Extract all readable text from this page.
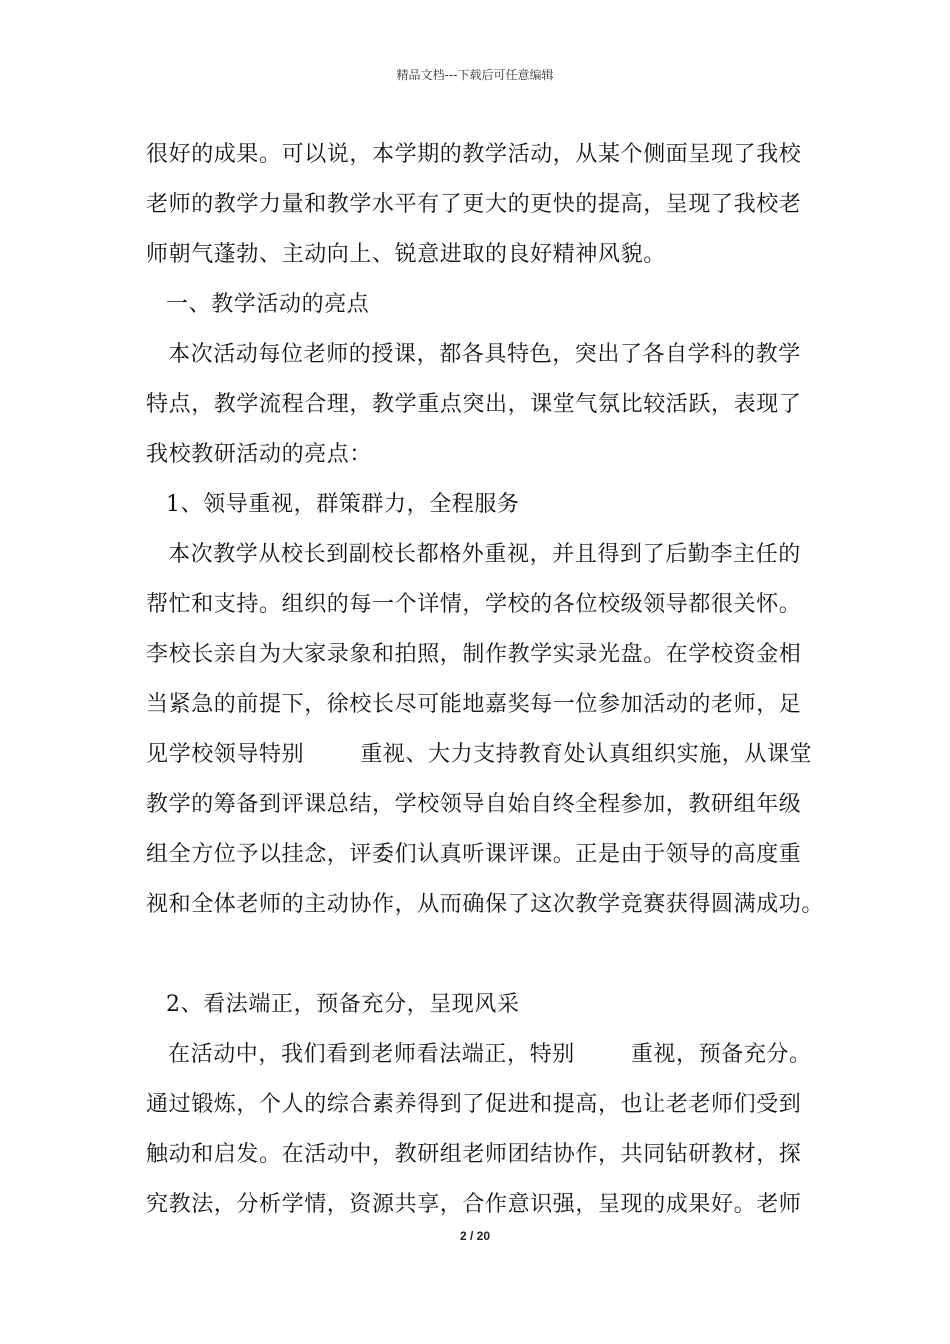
精品文档---下载后可任意编辑
很好的成果。可以说，本学期的教学活动，从某个侧面呈现了我校
老师的教学力量和教学水平有了更大的更快的提高，呈现了我校老
师朝气蓬勃、主动向上、锐意进取的良好精神风貌。
一、教学活动的亮点
本次活动每位老师的授课，都各具特色，突出了各自学科的教学
特点，教学流程合理，教学重点突出，课堂气氛比较活跃，表现了
我校教研活动的亮点：
1、领导重视，群策群力，全程服务
本次教学从校长到副校长都格外重视，并且得到了后勤李主任的
帮忙和支持。组织的每一个详情，学校的各位校级领导都很关怀。
李校长亲自为大家录象和拍照，制作教学实录光盘。在学校资金相
当紧急的前提下，徐校长尽可能地嘉奖每一位参加活动的老师，足
见学校领导特别	重视、大力支持教育处认真组织实施，从课堂
教学的筹备到评课总结，学校领导自始自终全程参加，教研组年级
组全方位予以挂念，评委们认真听课评课。正是由于领导的高度重
视和全体老师的主动协作，从而确保了这次教学竞赛获得圆满成功。
2、看法端正，预备充分，呈现风采
在活动中，我们看到老师看法端正，特别	重视，预备充分。
通过锻炼，个人的综合素养得到了促进和提高，也让老老师们受到
触动和启发。在活动中，教研组老师团结协作，共同钻研教材，探
究教法，分析学情，资源共享，合作意识强，呈现的成果好。老师
2 / 20
